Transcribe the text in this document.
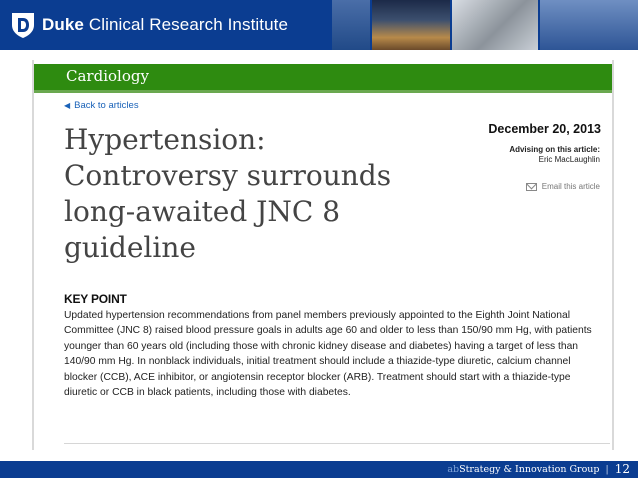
Duke Clinical Research Institute
Cardiology
◀ Back to articles
Hypertension: Controversy surrounds long-awaited JNC 8 guideline
December 20, 2013
Advising on this article:
Eric MacLaughlin
Email this article
KEY POINT

Updated hypertension recommendations from panel members previously appointed to the Eighth Joint National Committee (JNC 8) raised blood pressure goals in adults age 60 and older to less than 150/90 mm Hg, with patients younger than 60 years old (including those with chronic kidney disease and diabetes) having a target of less than 140/90 mm Hg. In nonblack individuals, initial treatment should include a thiazide-type diuretic, calcium channel blocker (CCB), ACE inhibitor, or angiotensin receptor blocker (ARB). Treatment should start with a thiazide-type diuretic or CCB in black patients, including those with diabetes.

ab Strategy & Innovation Group | 12
